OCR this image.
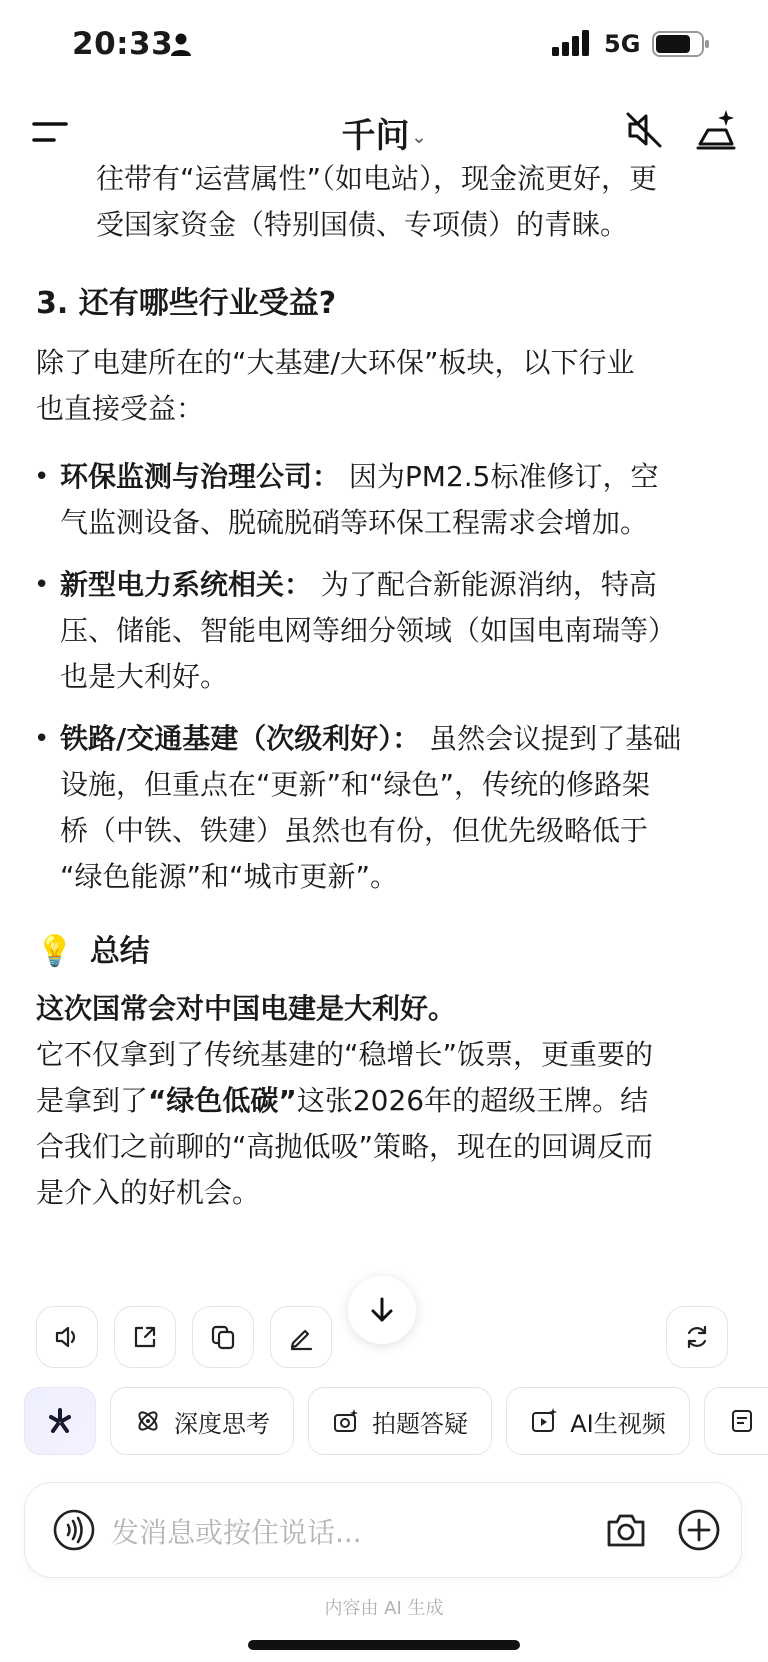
20:33	5G
千问 ⌄
往带有“运营属性”（如电站），现金流更好，更
受国家资金（特别国债、专项债）的青睐。
3. 还有哪些行业受益?
除了电建所在的“大基建/大环保”板块，以下行业
也直接受益：
• 环保监测与治理公司： 因为PM2.5标准修订，空
气监测设备、脱硫脱硝等环保工程需求会增加。
• 新型电力系统相关： 为了配合新能源消纳，特高
压、储能、智能电网等细分领域（如国电南瑞等）
也是大利好。
• 铁路/交通基建（次级利好）： 虽然会议提到了基础
设施，但重点在“更新”和“绿色”，传统的修路架
桥（中铁、铁建）虽然也有份，但优先级略低于
“绿色能源”和“城市更新”。
💡 总结
这次国常会对中国电建是大利好。
它不仅拿到了传统基建的“稳增长”饭票，更重要的
是拿到了“绿色低碳”这张2026年的超级王牌。结
合我们之前聊的“高抛低吸”策略，现在的回调反而
是介入的好机会。
深度思考	拍题答疑	AI生视频
发消息或按住说话...
内容由 AI 生成
